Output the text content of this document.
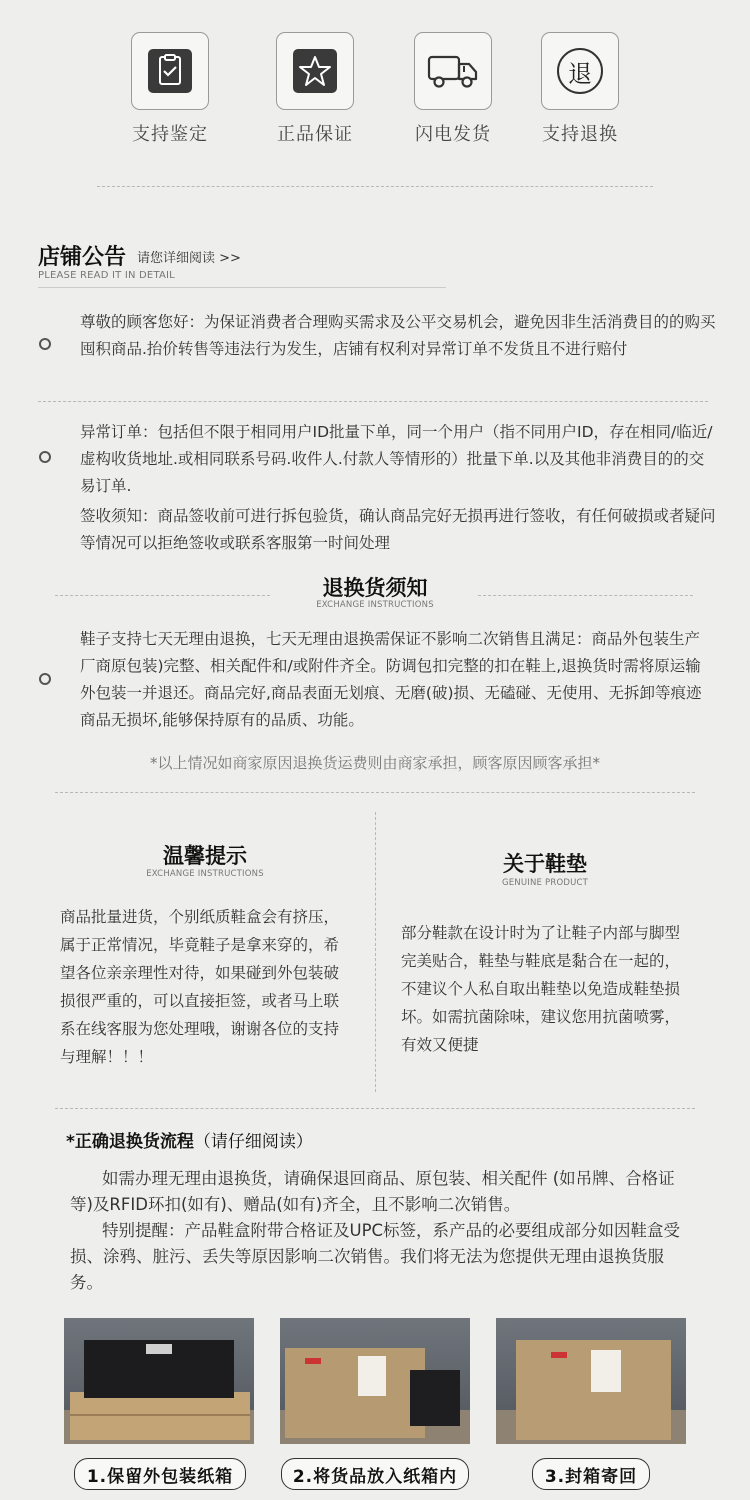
支持鉴定	正品保证	闪电发货
退
支持退换
店铺公告 请您详细阅读 >>
PLEASE READ IT IN DETAIL
尊敬的顾客您好：为保证消费者合理购买需求及公平交易机会，避免因非生活消费目的的购买囤积商品.抬价转售等违法行为发生，店铺有权利对异常订单不发货且不进行赔付
异常订单：包括但不限于相同用户ID批量下单，同一个用户（指不同用户ID，存在相同/临近/虚构收货地址.或相同联系号码.收件人.付款人等情形的）批量下单.以及其他非消费目的的交易订单.
签收须知：商品签收前可进行拆包验货，确认商品完好无损再进行签收，有任何破损或者疑问等情况可以拒绝签收或联系客服第一时间处理
退换货须知
EXCHANGE INSTRUCTIONS
鞋子支持七天无理由退换，七天无理由退换需保证不影响二次销售且满足：商品外包装生产厂商原包装)完整、相关配件和/或附件齐全。防调包扣完整的扣在鞋上,退换货时需将原运输外包装一并退还。商品完好,商品表面无划痕、无磨(破)损、无磕碰、无使用、无拆卸等痕迹商品无损坏,能够保持原有的品质、功能。
*以上情况如商家原因退换货运费则由商家承担，顾客原因顾客承担*
温馨提示
EXCHANGE INSTRUCTIONS
商品批量进货，个别纸质鞋盒会有挤压，属于正常情况，毕竟鞋子是拿来穿的，希望各位亲亲理性对待，如果碰到外包装破损很严重的，可以直接拒签，或者马上联系在线客服为您处理哦，谢谢各位的支持与理解！！！
关于鞋垫
GENUINE PRODUCT
部分鞋款在设计时为了让鞋子内部与脚型完美贴合，鞋垫与鞋底是黏合在一起的，不建议个人私自取出鞋垫以免造成鞋垫损坏。如需抗菌除味，建议您用抗菌喷雾，有效又便捷
*正确退换货流程（请仔细阅读）
如需办理无理由退换货，请确保退回商品、原包装、相关配件 (如吊牌、合格证等)及RFID环扣(如有)、赠品(如有)齐全，且不影响二次销售。
特别提醒：产品鞋盒附带合格证及UPC标签，系产品的必要组成部分如因鞋盒受损、涂鸦、脏污、丢失等原因影响二次销售。我们将无法为您提供无理由退换货服务。
1.保留外包装纸箱	2.将货品放入纸箱内	3.封箱寄回
